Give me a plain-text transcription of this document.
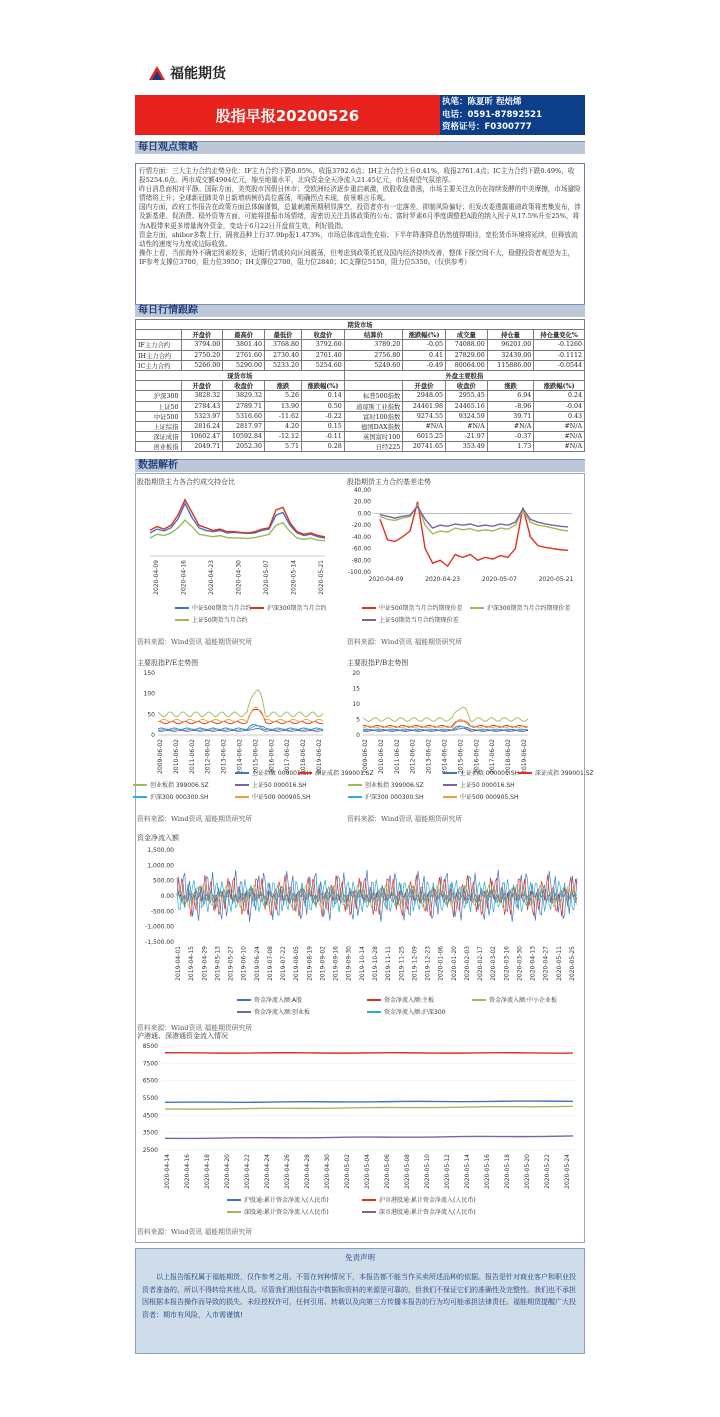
福能期货
股指早报20200526
执笔：陈夏昕 程焙烯
电话：0591-87892521
资格证号：F0300777
每日观点策略

行情方面：三大主力合约走势分化：IF主力合约下跌0.05%，收报3792.6点；IH主力合约上升0.41%，收报2761.4点；IC主力合约下跌0.49%，收报5254.6点。两市成交额4904亿元，缩至地量水平，北向资金全天净流入21.45亿元，市场观望气氛浓厚。

昨日消息面相对平静。国际方面，美英股市因假日休市；受欧洲经济逐步重启刺激，欧股收盘普涨，市场主要关注点仍在持续发酵的中美摩擦，市场避险情绪将上升；全球新冠肺炎单日新增病例仍高位震荡，明确拐点未现，前景难言乐观。

国内方面，政府工作报告在政策方面总体偏谨慎，总量刺激预期稍显落空，投资者亦有一定落差，抑制风险偏好；但发改委透露重磅政策将密集发布，涉及新基建、促消费、稳外资等方面，可能将提振市场情绪，需密切关注具体政策的公布；富时罗素6月季度调整把A股的纳入因子从17.5%升至25%，将为A股带来更多增量海外资金，变动于6月22日开盘前生效，利好股指。

资金方面，shibor多数上行，隔夜品种上行37.9bp报1.473%，市场总体流动性充裕；下半年降准降息仍然值得期待，宽松货币环境将延续，但释放流动性的速度与力度或边际收敛。

操作上看，当前海外不确定因素较多，近期行情或转向区间震荡，但考虑到政策托底及国内经济持续改善，整体下探空间不大，稳健投资者观望为主，IF参考支撑位3700，阻力位3950；IH支撑位2700，阻力位2840；IC支撑位5150，阻力位5350。（仅供参考）

每日行情跟踪
期货市场									
	开盘价	最高价	最低价	收盘价	结算价	涨跌幅(%)	成交量	持仓量	持仓量变化%
IF主力合约	3794.00	3801.40	3768.80	3792.60	3789.20	-0.05	74088.00	96201.00	-0.1260
IH主力合约	2750.20	2761.60	2730.40	2761.40	2756.80	0.41	27829.00	32439.00	-0.1112
IC主力合约	5266.00	5290.00	5233.20	5254.60	5249.60	-0.49	80064.00	115886.00	-0.0544
现货市场					外盘主要股指				
	开盘价	收盘价	涨跌	涨跌幅(%)		开盘价	收盘价	涨跌	涨跌幅(%)
沪深300	3828.32	3829.32	5.26	0.14	标普500指数	2948.05	2955.45	6.94	0.24
上证50	2784.43	2789.71	13.90	0.50	道琼斯工业指数	24461.98	24465.16	-8.96	-0.04
中证500	5323.97	5316.60	-11.62	-0.22	富时100指数	9274.55	9324.59	39.71	0.43
上证综指	2816.24	2817.97	4.20	0.15	德国DAX指数	#N/A	#N/A	#N/A	#N/A
深证成指	10602.47	10592.84	-12.12	-0.11	英国富时100	6015.25	-21.97	-0.37	#N/A
创业板指	2049.71	2052.30	5.71	0.28	日经225	20741.65	353.49	1.73	#N/A
数据解析
股指期货主力各合约成交持仓比
2020-04-09	2020-04-16	2020-04-23	2020-04-30	2020-05-07	2020-05-14	2020-05-21
中证500期货当月合约	沪深300期货当月合约
上证50期货当月合约
资料来源：Wind资讯 福能期货研究所
股指期货主力合约基差走势
40.00
20.00
0.00
-20.00
-40.00
-60.00
-80.00
-100.00
2020-04-09	2020-04-23	2020-05-07	2020-05-21
中证500期货当月合约期现价差	沪深300期货当月合约期现价差
上证50期货当月合约期现价差
资料来源：Wind资讯 福能期货研究所
主要股指P/E走势图
150
100
50
0
2009-06-02 2010-06-02 2011-06-02 2012-06-02 2013-06-02 2014-06-02 2015-06-02 2016-06-02 2017-06-02 2018-06-02 2019-06-02
上证指数 000001.SH 深证成指 399001.SZ
创业板指 399006.SZ	上证50 000016.SH
沪深300 000300.SH	中证500 000905.SH
资料来源：Wind资讯 福能期货研究所
主要股指P/B走势图
20
15
10
5
0
2009-06-02 2010-06-02 2011-06-02 2012-06-02 2013-06-02 2014-06-02 2015-06-02 2016-06-02 2017-06-02 2018-06-02 2019-06-02
上证指数 000001.SH	深证成指 399001.SZ
创业板指 399006.SZ	上证50 000016.SH
沪深300 000300.SH	中证500 000905.SH
资料来源：Wind资讯 福能期货研究所
资金净流入额
1,500.00
1,000.00
500.00
0.00
-500.00
-1,000.00
-1,500.00
2019-04-01 2019-04-15 2019-04-29 2019-05-13 2019-05-27 2019-06-10 2019-06-24 2019-07-08 2019-07-22 2019-08-05 2019-08-19 2019-09-02 2019-09-16 2019-09-30 2019-10-14 2019-10-28 2019-11-11 2019-11-25 2019-12-09 2019-12-23 2020-01-06 2020-01-20 2020-02-03 2020-02-17 2020-03-02 2020-03-16 2020-03-30 2020-04-13 2020-04-27 2020-05-11 2020-05-25
资金净流入额:A股	资金净流入额:主板	资金净流入额:中小企业板
资金净流入额:创业板	资金净流入额:沪深300
资料来源：Wind资讯 福能期货研究所
沪港通、深港通资金流入情况
8500
7500
6500
5500
4500
3500
2500
2020-04-14 2020-04-16 2020-04-18 2020-04-20 2020-04-22 2020-04-24 2020-04-26 2020-04-28 2020-04-30 2020-05-02 2020-05-04 2020-05-06 2020-05-08 2020-05-10 2020-05-12 2020-05-14 2020-05-16 2020-05-18 2020-05-20 2020-05-22 2020-05-24
沪股通:累计资金净流入(人民币)	沪市港股通:累计资金净流入(人民币)
深股通:累计资金净流入(人民币)	深市港股通:累计资金净流入(人民币)
资料来源：Wind资讯 福能期货研究所
免责声明
以上报告版权属于福能期货，仅作参考之用。不管在何种情况下，本报告都不能当作买卖所述品种的依据。报告是针对商业客户和职业投资者准备的，所以不得转给其他人员。尽管我们相信报告中数据和资料的来源是可靠的，但我们不保证它们的准确性及完整性。我们也不承担因根据本报告操作而导致的损失。未经授权许可，任何引用、转载以及向第三方传播本报告的行为均可能承担法律责任。福能期货提醒广大投资者：期市有风险，入市需谨慎!
